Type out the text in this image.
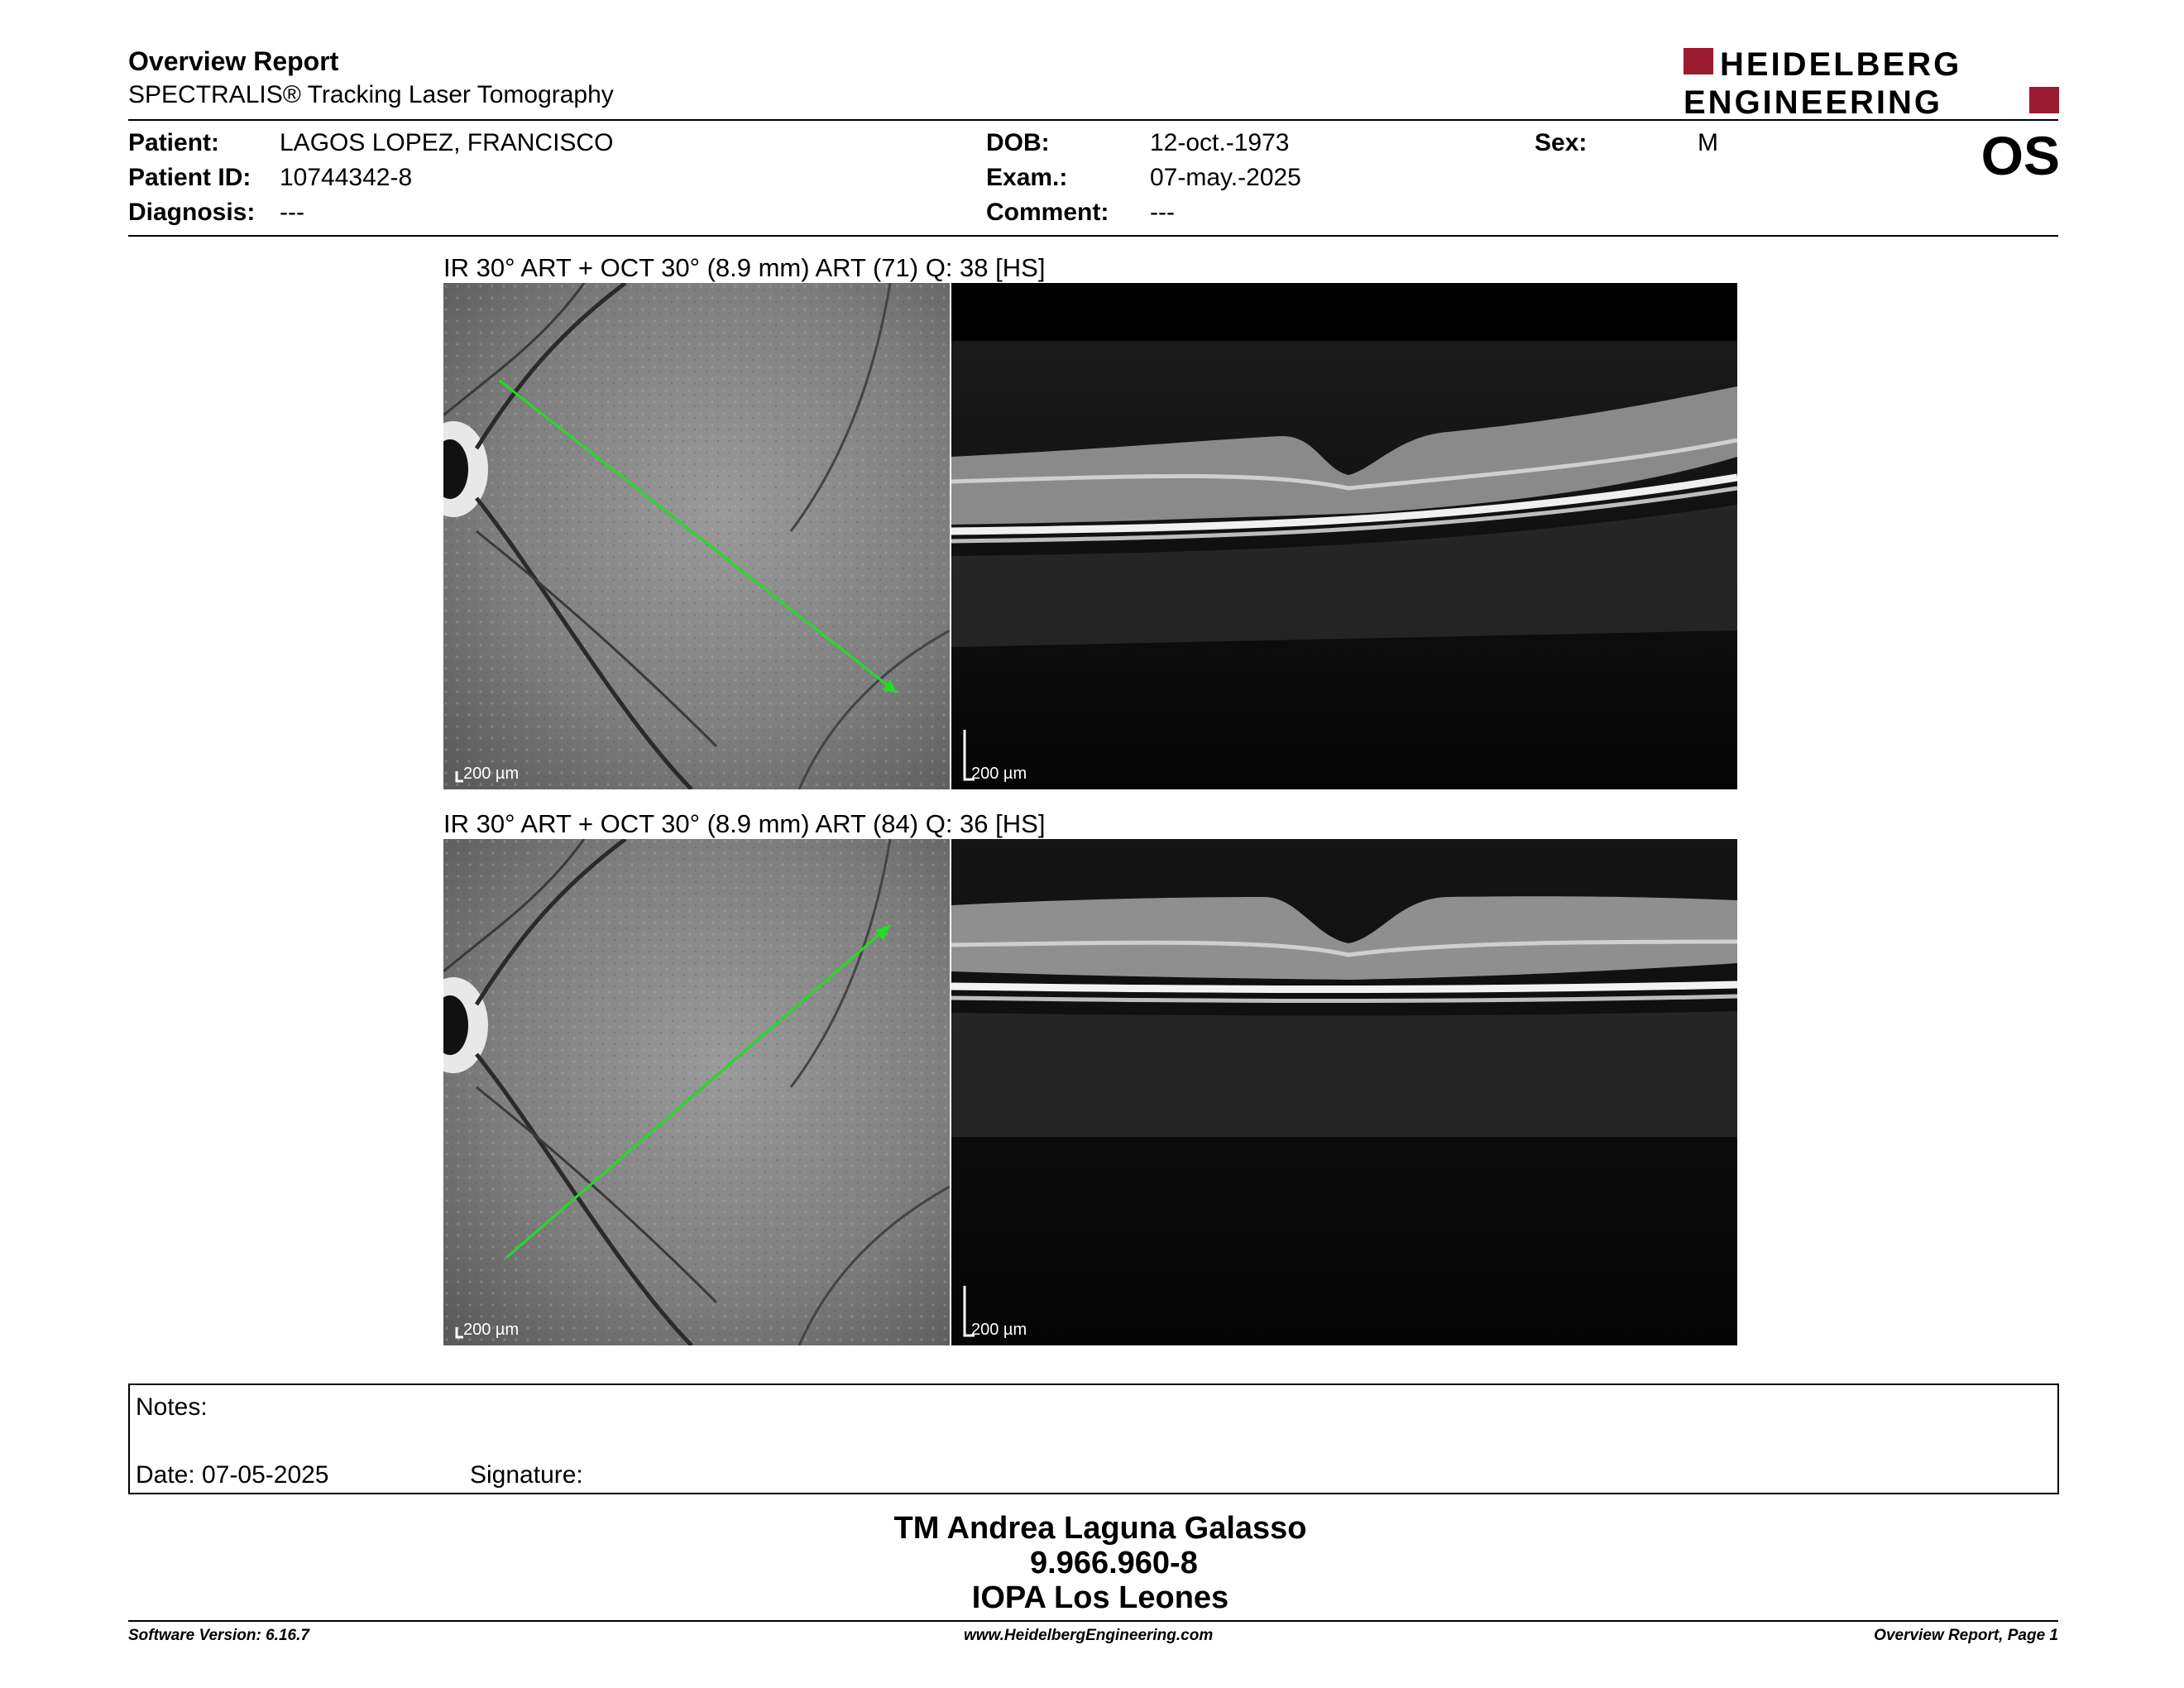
Overview Report
SPECTRALIS® Tracking Laser Tomography
HEIDELBERG
ENGINEERING
Patient: LAGOS LOPEZ, FRANCISCO
Patient ID: 10744342-8
Diagnosis: ---
DOB:	12-oct.-1973
Exam.:	07-may.-2025
Comment: ---
Sex:	M	OS
IR 30° ART + OCT 30° (8.9 mm) ART (71) Q: 38 [HS]
200 µm	200 µm
IR 30° ART + OCT 30° (8.9 mm) ART (84) Q: 36 [HS]
200 µm	200 µm
Notes:
Date: 07-05-2025	Signature:
TM Andrea Laguna Galasso
9.966.960-8
IOPA Los Leones
Software Version: 6.16.7	www.HeidelbergEngineering.com	Overview Report, Page 1
